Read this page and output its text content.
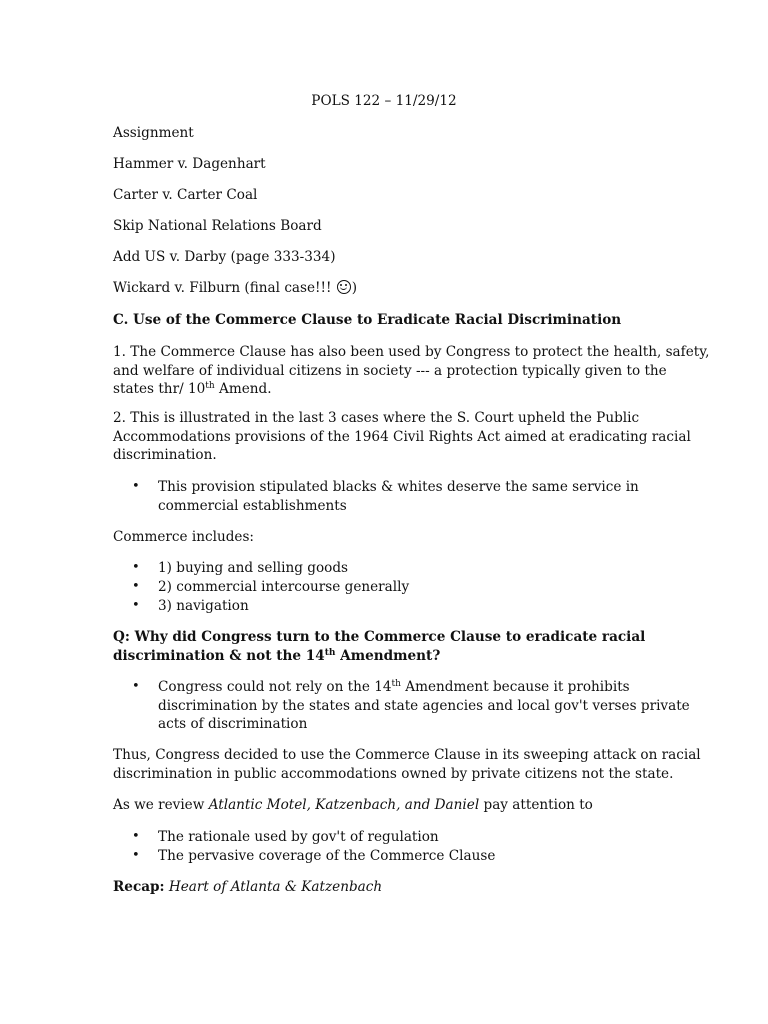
POLS 122 – 11/29/12
Assignment
Hammer v. Dagenhart
Carter v. Carter Coal
Skip National Relations Board
Add US v. Darby (page 333-334)
Wickard v. Filburn (final case!!! )
C. Use of the Commerce Clause to Eradicate Racial Discrimination
1. The Commerce Clause has also been used by Congress to protect the health, safety,
and welfare of individual citizens in society --- a protection typically given to the
states thr/ 10th Amend.
2. This is illustrated in the last 3 cases where the S. Court upheld the Public
Accommodations provisions of the 1964 Civil Rights Act aimed at eradicating racial
discrimination.
• This provision stipulated blacks & whites deserve the same service in
commercial establishments
Commerce includes:
• 1) buying and selling goods
• 2) commercial intercourse generally
• 3) navigation
Q: Why did Congress turn to the Commerce Clause to eradicate racial
discrimination & not the 14th Amendment?
• Congress could not rely on the 14th Amendment because it prohibits
discrimination by the states and state agencies and local gov't verses private
acts of discrimination
Thus, Congress decided to use the Commerce Clause in its sweeping attack on racial
discrimination in public accommodations owned by private citizens not the state.
As we review Atlantic Motel, Katzenbach, and Daniel pay attention to
• The rationale used by gov't of regulation
• The pervasive coverage of the Commerce Clause
Recap: Heart of Atlanta & Katzenbach
